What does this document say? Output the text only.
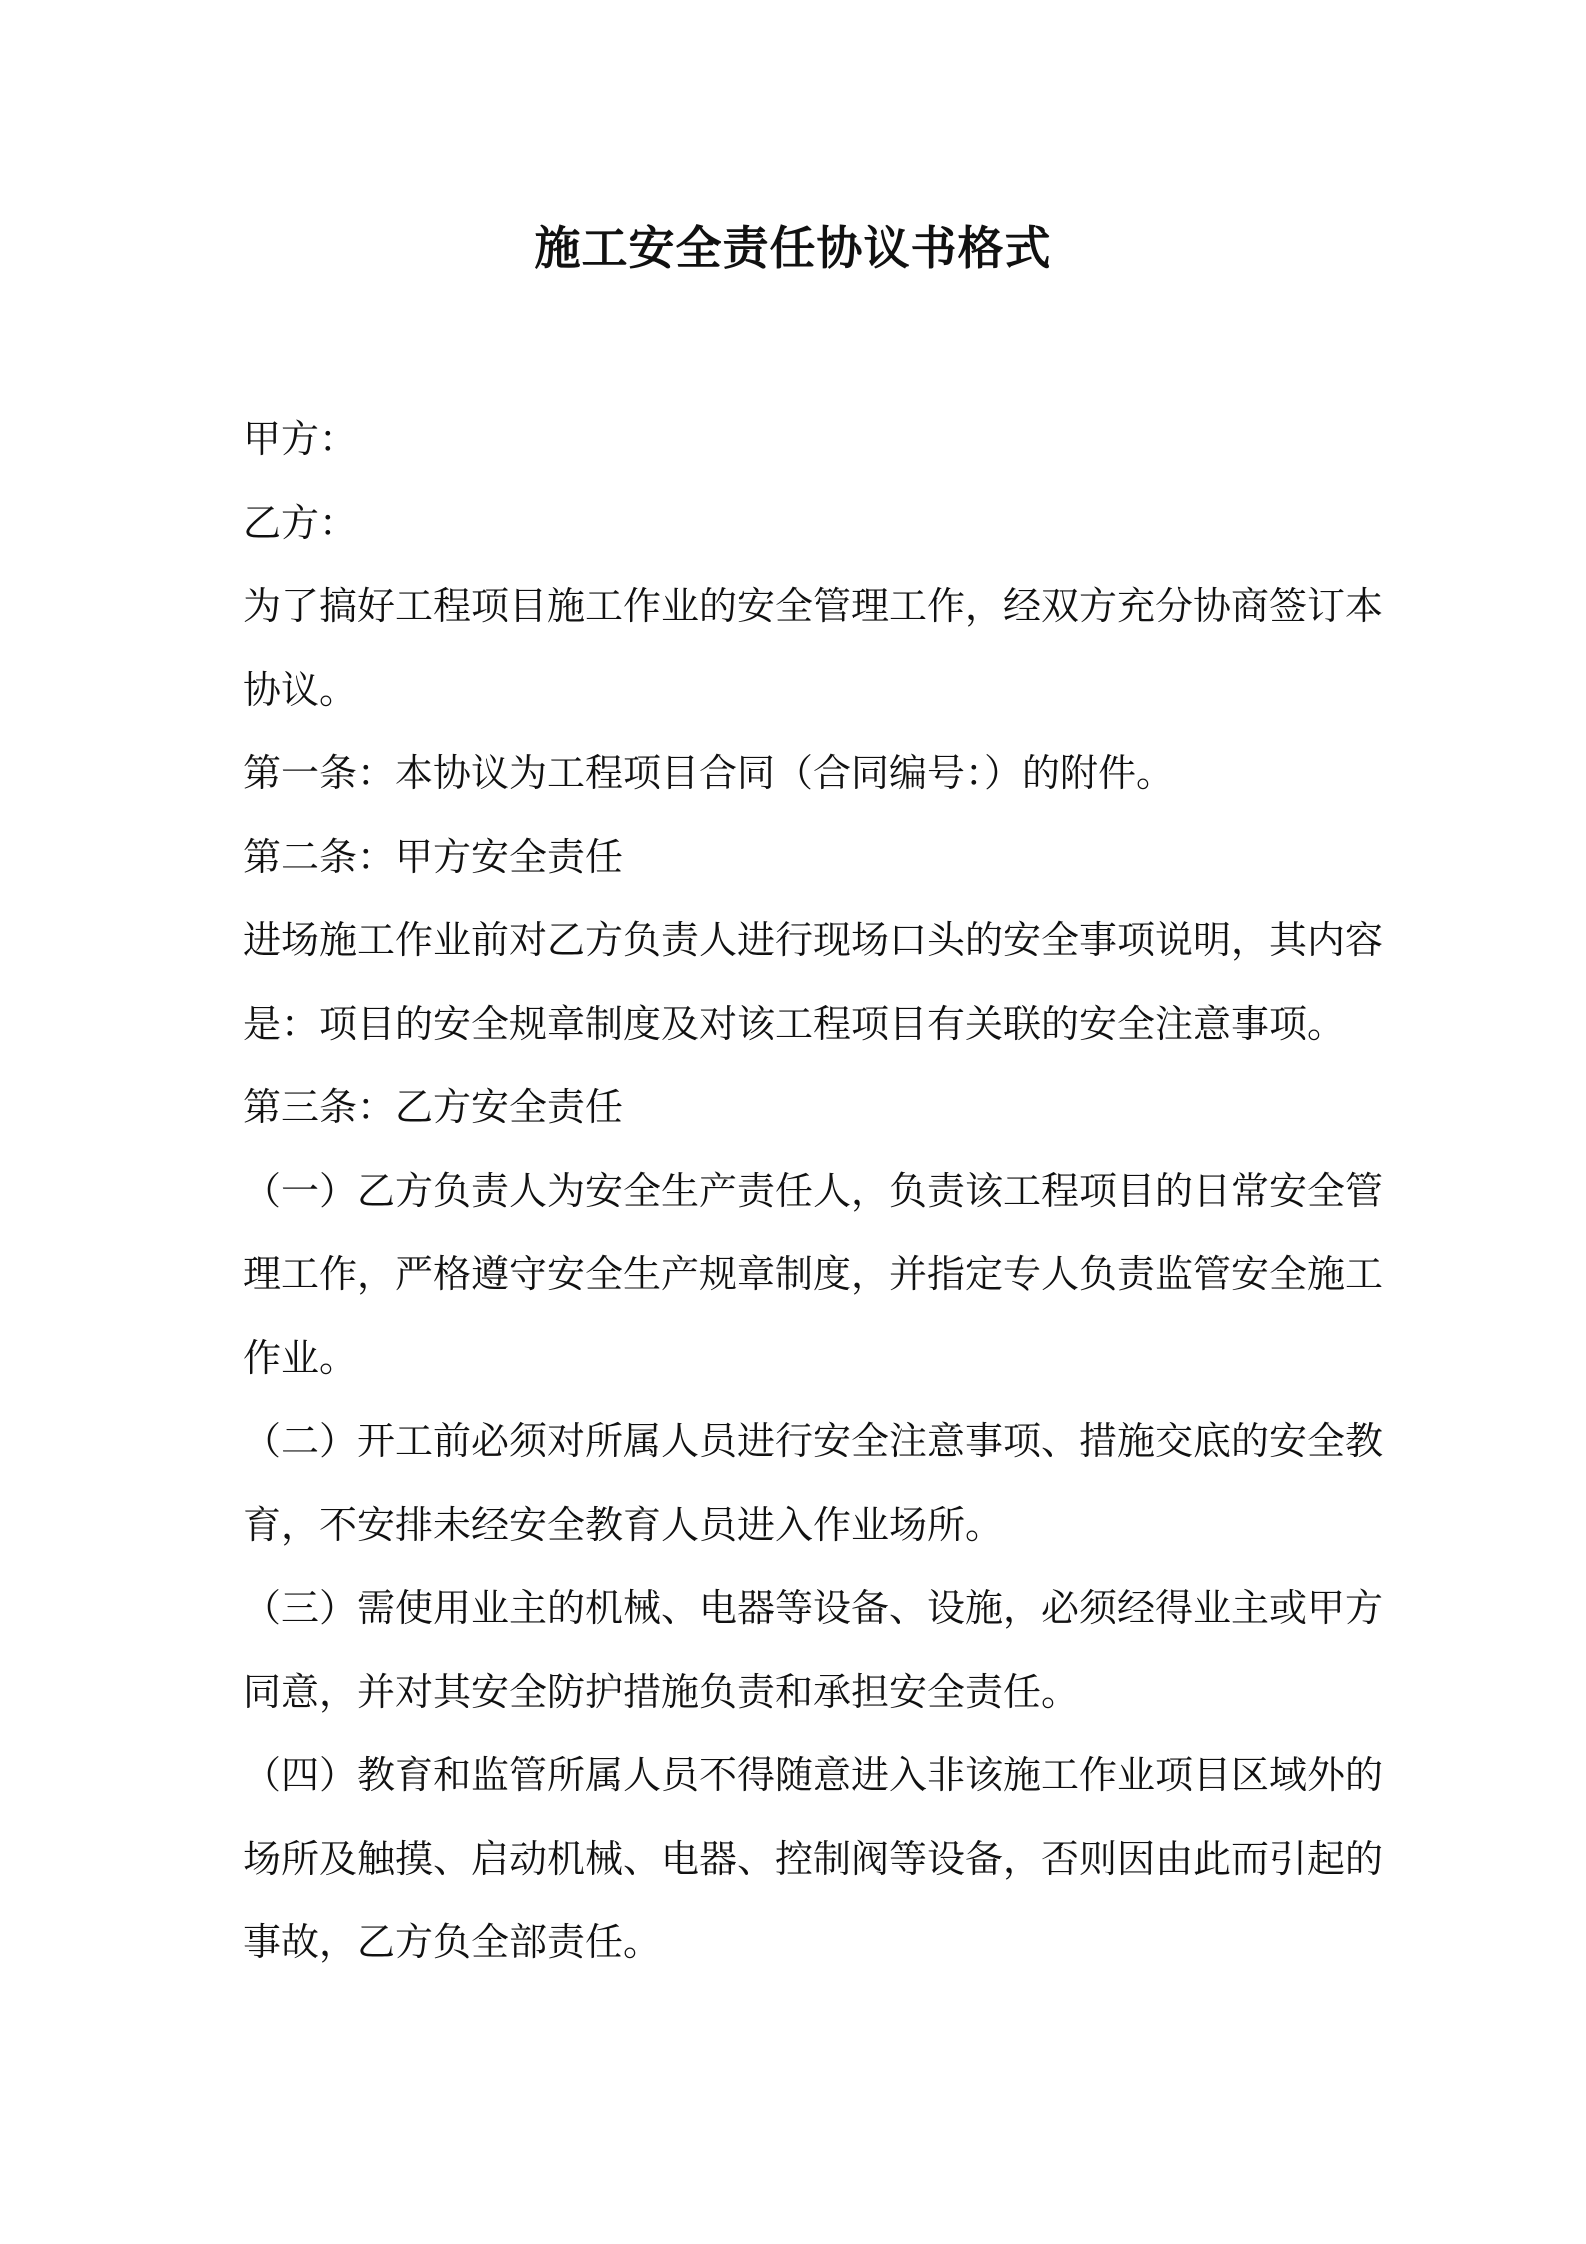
施工安全责任协议书格式
甲方：
乙方：
为了搞好工程项目施工作业的安全管理工作，经双方充分协商签订本
协议。
第一条：本协议为工程项目合同（合同编号：）的附件。
第二条：甲方安全责任
进场施工作业前对乙方负责人进行现场口头的安全事项说明，其内容
是：项目的安全规章制度及对该工程项目有关联的安全注意事项。
第三条：乙方安全责任
（一）乙方负责人为安全生产责任人，负责该工程项目的日常安全管
理工作，严格遵守安全生产规章制度，并指定专人负责监管安全施工
作业。
（二）开工前必须对所属人员进行安全注意事项、措施交底的安全教
育，不安排未经安全教育人员进入作业场所。
（三）需使用业主的机械、电器等设备、设施，必须经得业主或甲方
同意，并对其安全防护措施负责和承担安全责任。
（四）教育和监管所属人员不得随意进入非该施工作业项目区域外的
场所及触摸、启动机械、电器、控制阀等设备，否则因由此而引起的
事故，乙方负全部责任。
